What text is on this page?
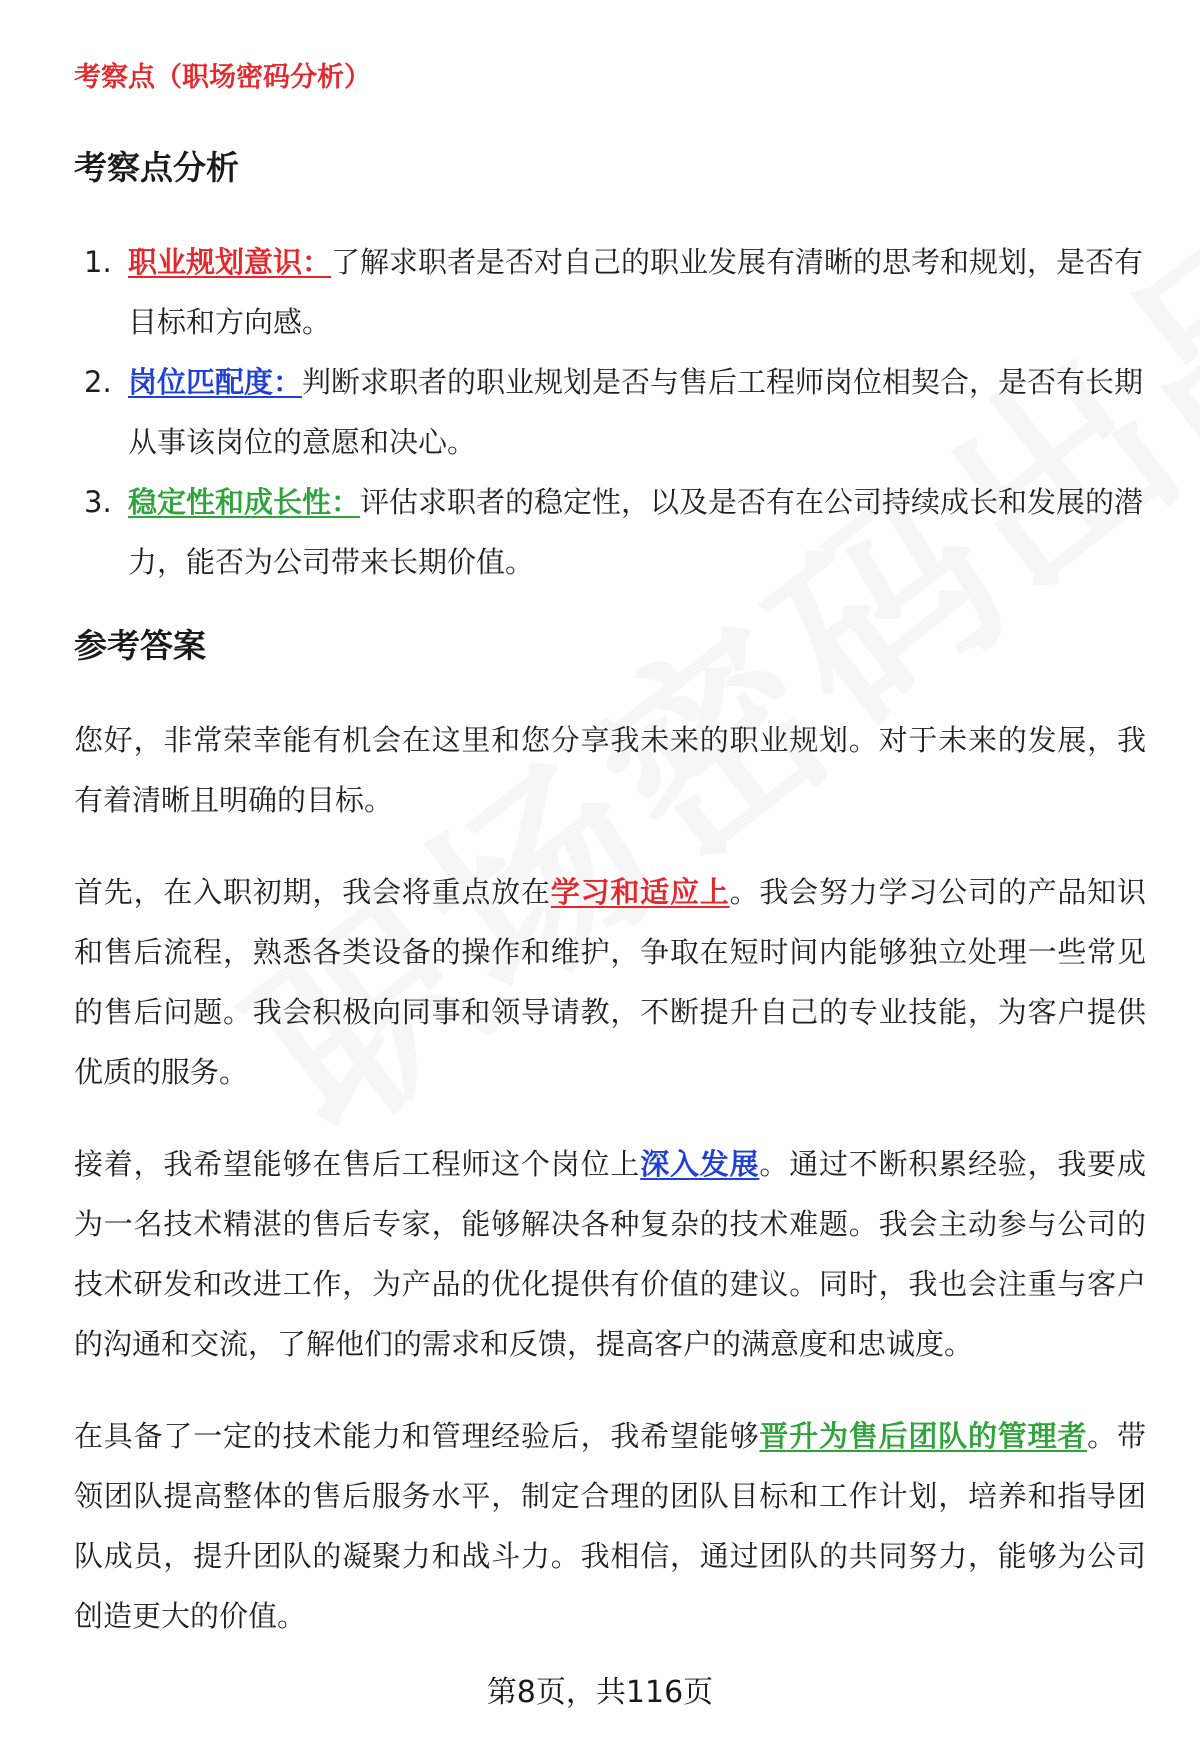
考察点（职场密码分析）
考察点分析
1. 职业规划意识：了解求职者是否对自己的职业发展有清晰的思考和规划，是否有目标和方向感。
2. 岗位匹配度：判断求职者的职业规划是否与售后工程师岗位相契合，是否有长期从事该岗位的意愿和决心。
3. 稳定性和成长性：评估求职者的稳定性，以及是否有在公司持续成长和发展的潜力，能否为公司带来长期价值。
参考答案

您好，非常荣幸能有机会在这里和您分享我未来的职业规划。对于未来的发展，我有着清晰且明确的目标。

首先，在入职初期，我会将重点放在学习和适应上。我会努力学习公司的产品知识和售后流程，熟悉各类设备的操作和维护，争取在短时间内能够独立处理一些常见的售后问题。我会积极向同事和领导请教，不断提升自己的专业技能，为客户提供优质的服务。

接着，我希望能够在售后工程师这个岗位上深入发展。通过不断积累经验，我要成为一名技术精湛的售后专家，能够解决各种复杂的技术难题。我会主动参与公司的技术研发和改进工作，为产品的优化提供有价值的建议。同时，我也会注重与客户的沟通和交流，了解他们的需求和反馈，提高客户的满意度和忠诚度。

在具备了一定的技术能力和管理经验后，我希望能够晋升为售后团队的管理者。带领团队提高整体的售后服务水平，制定合理的团队目标和工作计划，培养和指导团队成员，提升团队的凝聚力和战斗力。我相信，通过团队的共同努力，能够为公司创造更大的价值。

第8页，共116页
